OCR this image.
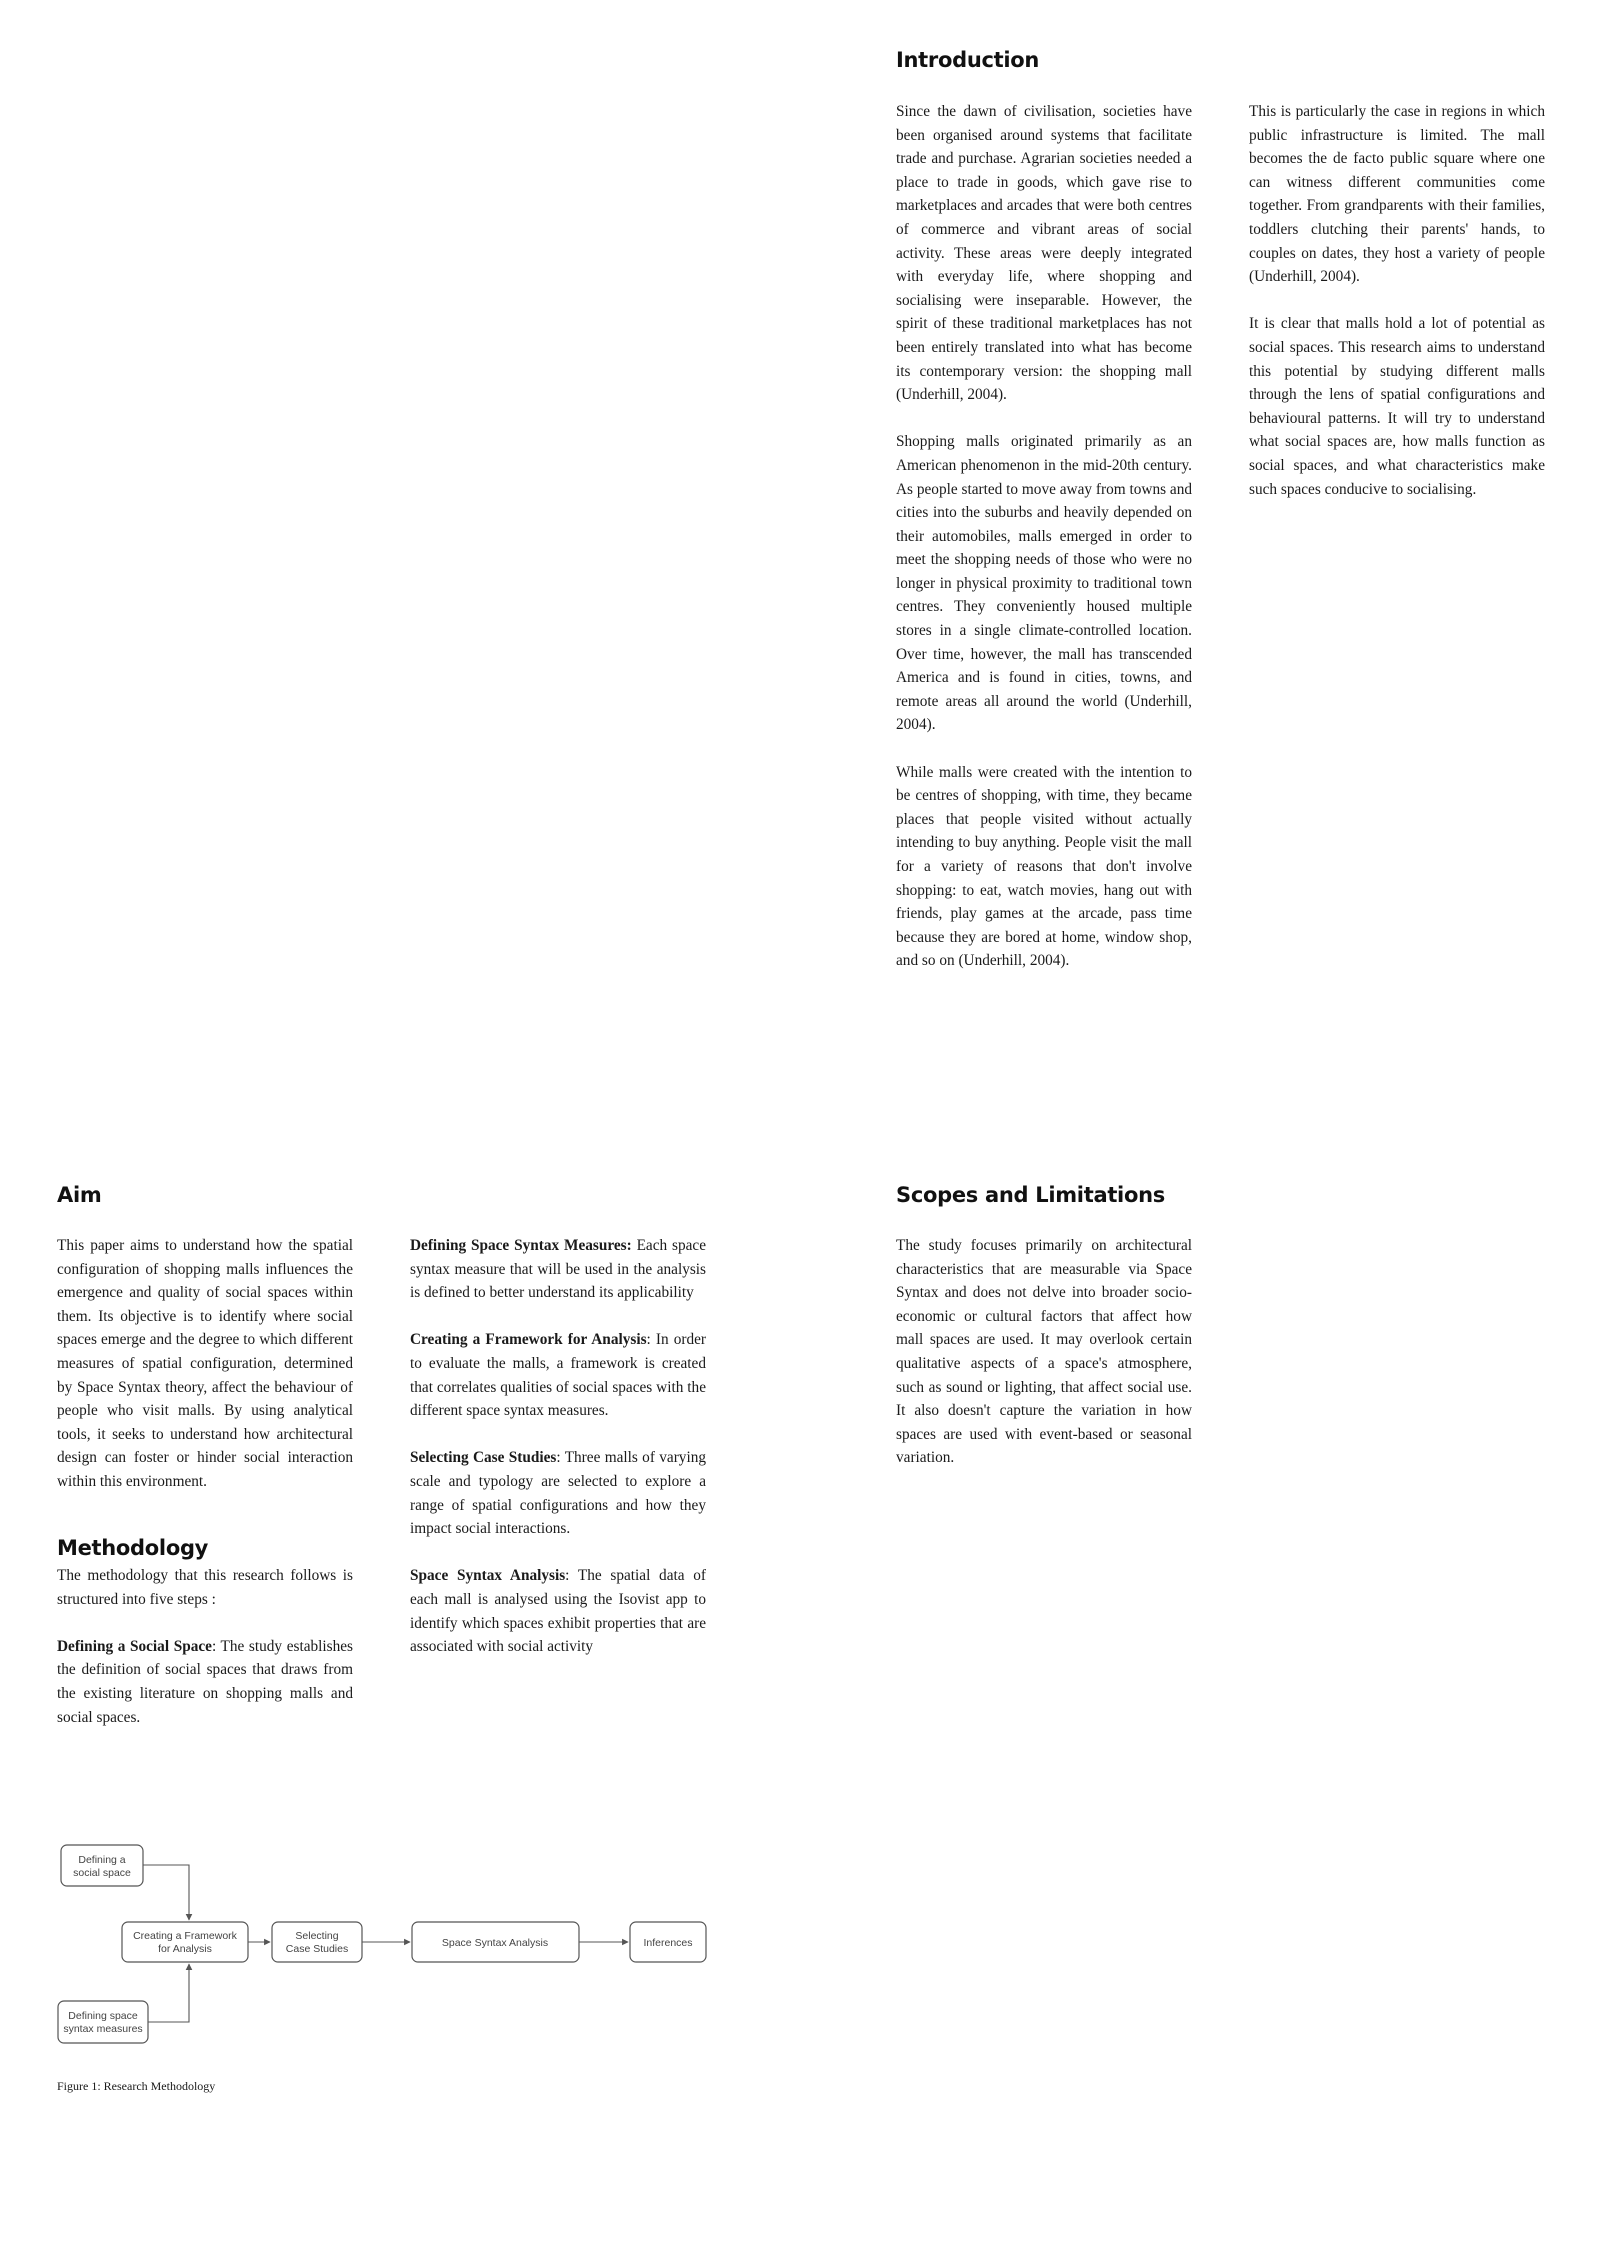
Introduction

Since the dawn of civilisation, societies have been organised around systems that facilitate trade and purchase. Agrarian societies needed a place to trade in goods, which gave rise to marketplaces and arcades that were both centres of commerce and vibrant areas of social activity. These areas were deeply integrated with everyday life, where shopping and socialising were inseparable. However, the spirit of these traditional marketplaces has not been entirely translated into what has become its contemporary version: the shopping mall (Underhill, 2004).

Shopping malls originated primarily as an American phenomenon in the mid-20th century. As people started to move away from towns and cities into the suburbs and heavily depended on their automobiles, malls emerged in order to meet the shopping needs of those who were no longer in physical proximity to traditional town centres. They conveniently housed multiple stores in a single climate-controlled location. Over time, however, the mall has transcended America and is found in cities, towns, and remote areas all around the world (Underhill, 2004).

While malls were created with the intention to be centres of shopping, with time, they became places that people visited without actually intending to buy anything. People visit the mall for a variety of reasons that don't involve shopping: to eat, watch movies, hang out with friends, play games at the arcade, pass time because they are bored at home, window shop, and so on (Underhill, 2004).

This is particularly the case in regions in which public infrastructure is limited. The mall becomes the de facto public square where one can witness different communities come together. From grandparents with their families, toddlers clutching their parents' hands, to couples on dates, they host a variety of people (Underhill, 2004).

It is clear that malls hold a lot of potential as social spaces. This research aims to understand this potential by studying different malls through the lens of spatial configurations and behavioural patterns. It will try to understand what social spaces are, how malls function as social spaces, and what characteristics make such spaces conducive to socialising.

Aim

This paper aims to understand how the spatial configuration of shopping malls influences the emergence and quality of social spaces within them. Its objective is to identify where social spaces emerge and the degree to which different measures of spatial configuration, determined by Space Syntax theory, affect the behaviour of people who visit malls. By using analytical tools, it seeks to understand how architectural design can foster or hinder social interaction within this environment.

Methodology

The methodology that this research follows is structured into five steps :

Defining a Social Space: The study establishes the definition of social spaces that draws from the existing literature on shopping malls and social spaces.

Defining Space Syntax Measures: Each space syntax measure that will be used in the analysis is defined to better understand its applicability

Creating a Framework for Analysis: In order to evaluate the malls, a framework is created that correlates qualities of social spaces with the different space syntax measures.

Selecting Case Studies: Three malls of varying scale and typology are selected to explore a range of spatial configurations and how they impact social interactions.

Space Syntax Analysis: The spatial data of each mall is analysed using the Isovist app to identify which spaces exhibit properties that are associated with social activity

Scopes and Limitations

The study focuses primarily on architectural characteristics that are measurable via Space Syntax and does not delve into broader socio-economic or cultural factors that affect how mall spaces are used. It may overlook certain qualitative aspects of a space's atmosphere, such as sound or lighting, that affect social use. It also doesn't capture the variation in how spaces are used with event-based or seasonal variation.

Defining a
social space
Creating a Framework
for Analysis
Selecting
Case Studies	Space Syntax Analysis	Inferences
Defining space
syntax measures
Figure 1: Research Methodology
